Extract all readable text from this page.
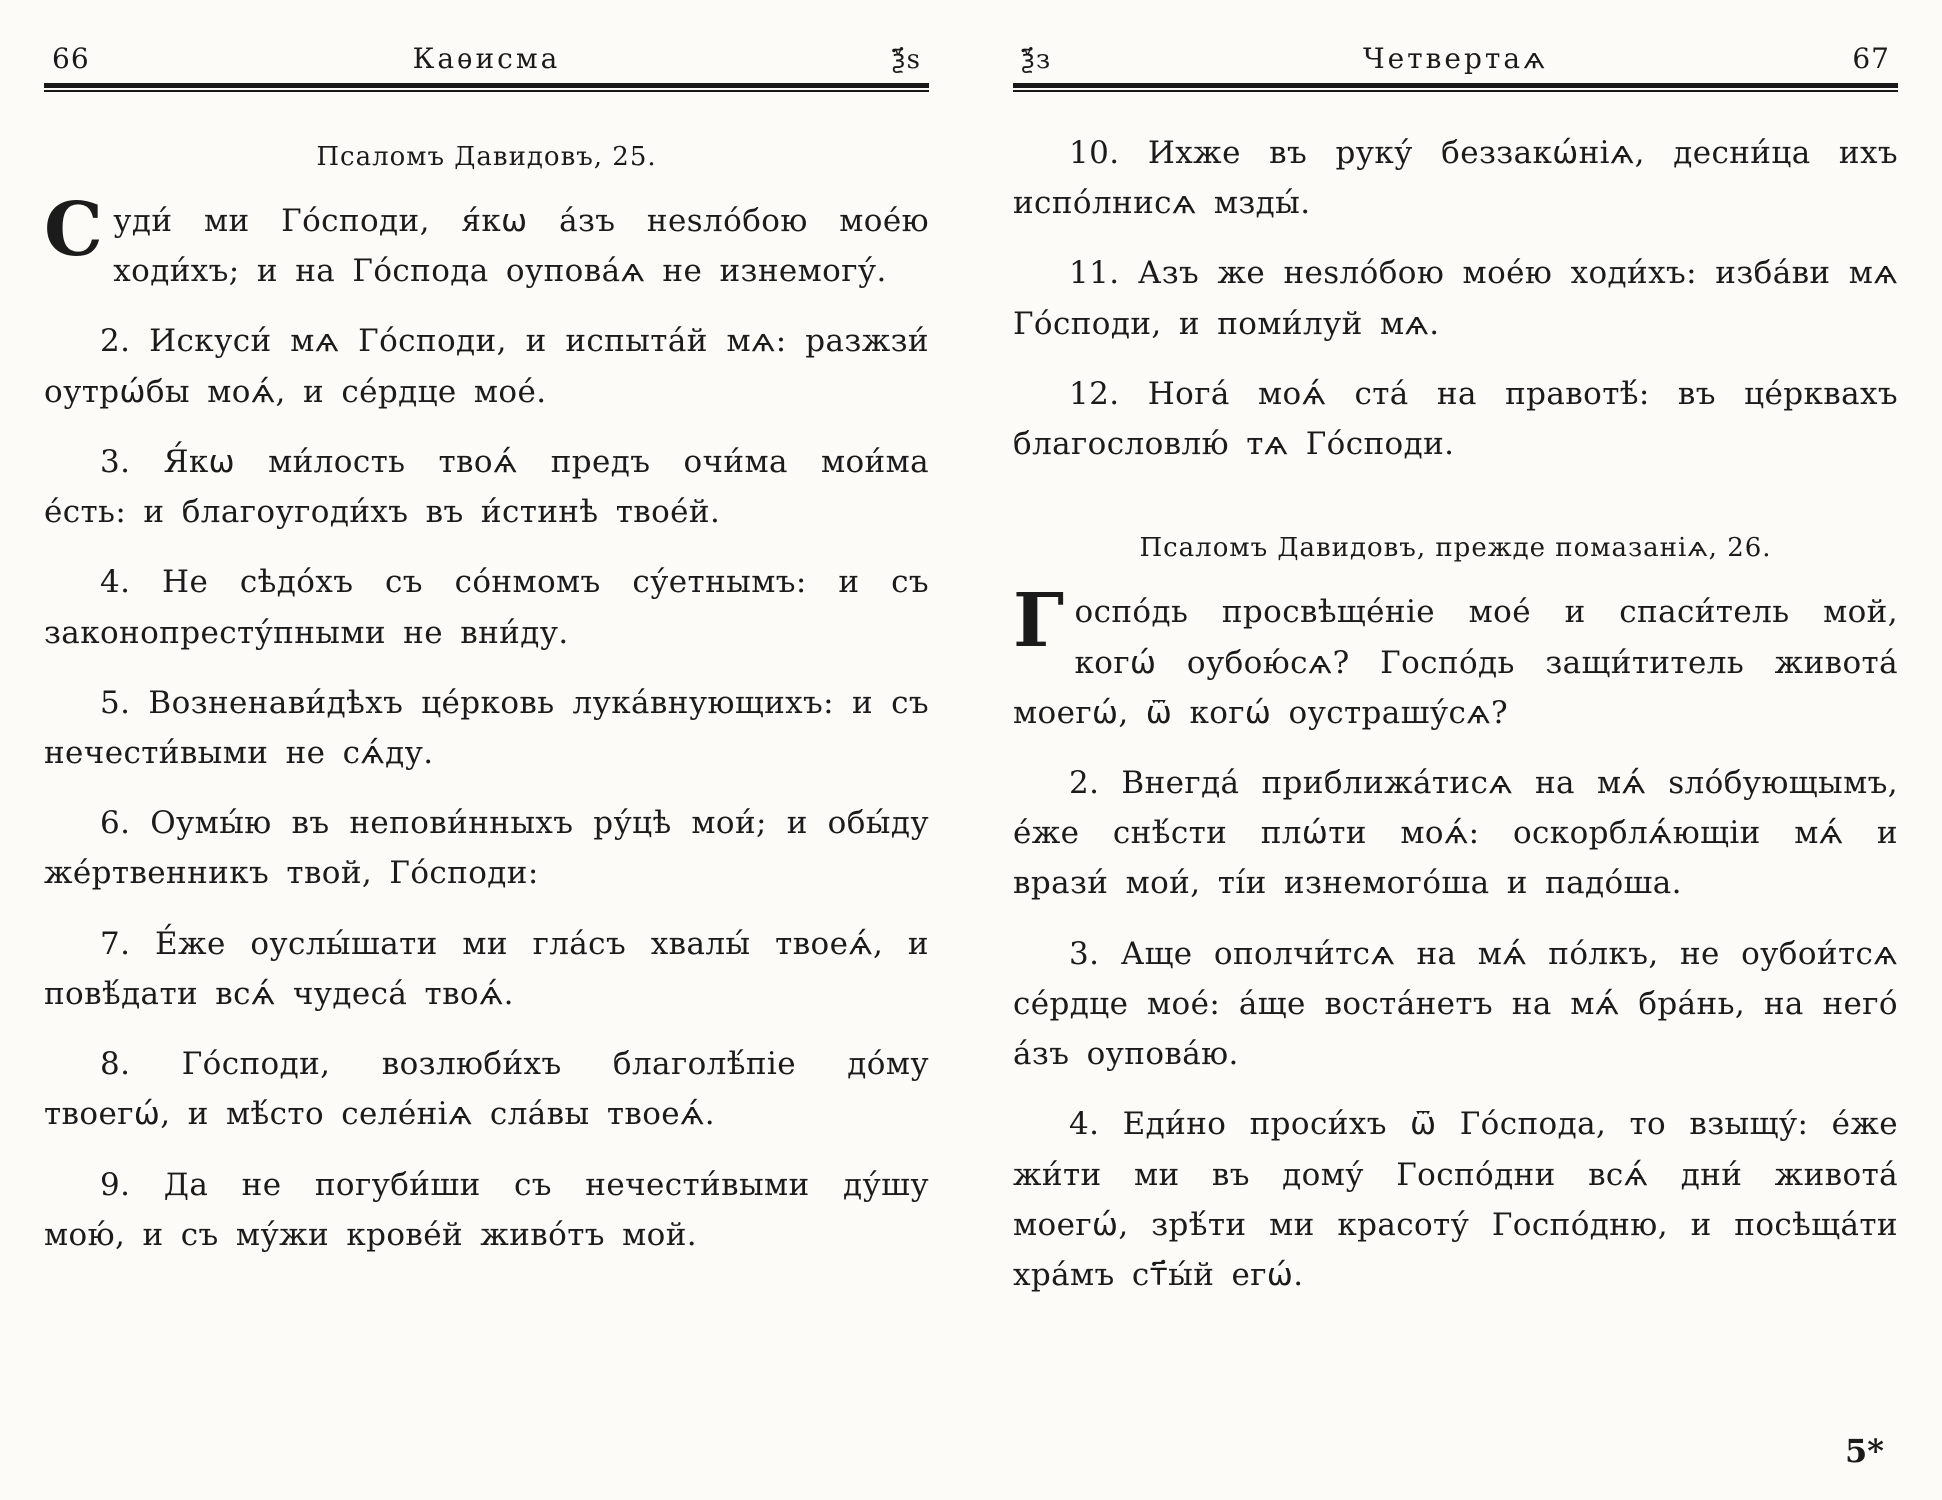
66	Каѳисма	ѯ҃ѕ
Псаломъ Давидовъ, 25.

Суди́ ми Го́споди, я́кѡ а́зъ неѕло́бою мое́ю ходи́хъ; и на Го́спода оупова́ѧ не изнемогу́.

2. Искуси́ мѧ Го́споди, и испыта́й мѧ: разжзи́ оутрѡ́бы моѧ́, и се́рдце мое́.

3. Я́кѡ ми́лость твоѧ́ предъ очи́ма мои́ма е́сть: и благоугоди́хъ въ и́стинѣ твое́й.

4. Не сѣдо́хъ съ со́нмомъ су́етнымъ: и съ законопресту́пными не вни́ду.

5. Возненави́дѣхъ це́рковь лука́внующихъ: и съ нечести́выми не сѧ́ду.

6. Оумы́ю въ непови́нныхъ ру́цѣ мои́; и обы́ду же́ртвенникъ твой, Го́споди:

7. Е́же оуслы́шати ми гла́съ хвалы́ твоеѧ́, и повѣ́дати всѧ́ чудеса́ твоѧ́.

8. Го́споди, возлюби́хъ благолѣ́піе до́му твоегѡ́, и мѣ́сто селе́ніѧ сла́вы твоеѧ́.

9. Да не погуби́ши съ нечести́выми ду́шу мою́, и съ му́жи крове́й живо́тъ мой.

ѯ҃з	Четвертаѧ	67

10. Ихже въ руку́ беззакѡ́ніѧ, десни́ца ихъ испо́лнисѧ мзды́.

11. Азъ же неѕло́бою мое́ю ходи́хъ: изба́ви мѧ Го́споди, и поми́луй мѧ.

12. Нога́ моѧ́ ста́ на правотѣ́: въ це́рквахъ благословлю́ тѧ Го́споди.

Псаломъ Давидовъ, прежде помазаніѧ, 26.

Госпо́дь просвѣще́ніе мое́ и спаси́тель мой, когѡ́ оубою́сѧ? Госпо́дь защи́титель живота́ моегѡ́, ѿ когѡ́ оустрашу́сѧ?

2. Внегда́ приближа́тисѧ на мѧ́ ѕло́бующымъ, е́же снѣ́сти плѡ́ти моѧ́: оскорблѧ́ющіи мѧ́ и врази́ мои́, ті́и изнемого́ша и падо́ша.

3. Аще ополчи́тсѧ на мѧ́ по́лкъ, не оубои́тсѧ се́рдце мое́: а́ще воста́нетъ на мѧ́ бра́нь, на него́ а́зъ оупова́ю.

4. Еди́но проси́хъ ѿ Го́спода, то взыщу́: е́же жи́ти ми въ дому́ Госпо́дни всѧ́ дни́ живота́ моегѡ́, зрѣ́ти ми красоту́ Госпо́дню, и посѣща́ти хра́мъ ст҃ы́й егѡ́.

5*
